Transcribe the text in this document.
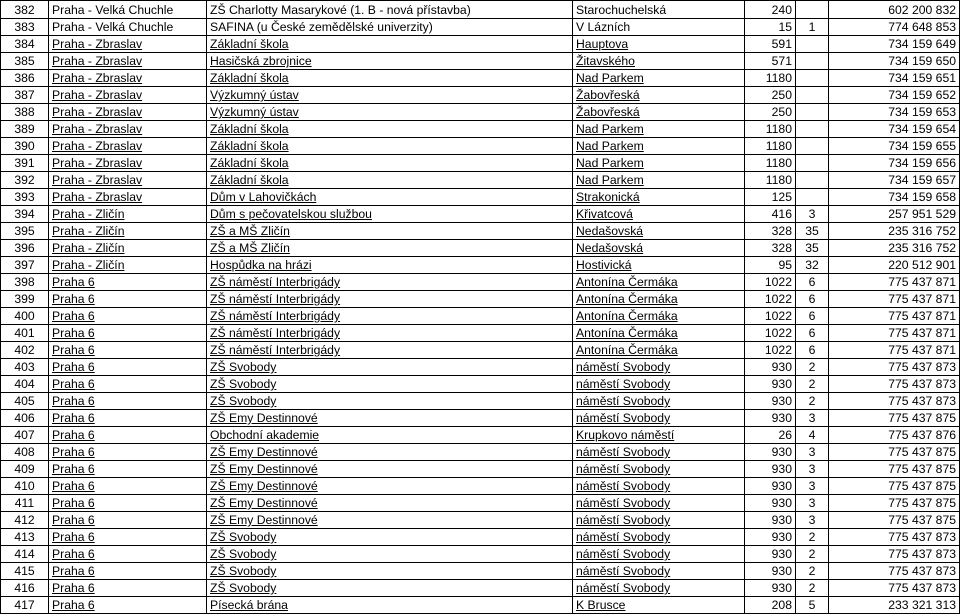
382	Praha - Velká Chuchle	ZŠ Charlotty Masarykové (1. B - nová přístavba)	Starochuchelská	240		602 200 832
383	Praha - Velká Chuchle	SAFINA (u České zemědělské univerzity)	V Lázních	15	1	774 648 853
384	Praha - Zbraslav	Základní škola	Hauptova	591		734 159 649
385	Praha - Zbraslav	Hasičská zbrojnice	Žitavského	571		734 159 650
386	Praha - Zbraslav	Základní škola	Nad Parkem	1180		734 159 651
387	Praha - Zbraslav	Výzkumný ústav	Žabovřeská	250		734 159 652
388	Praha - Zbraslav	Výzkumný ústav	Žabovřeská	250		734 159 653
389	Praha - Zbraslav	Základní škola	Nad Parkem	1180		734 159 654
390	Praha - Zbraslav	Základní škola	Nad Parkem	1180		734 159 655
391	Praha - Zbraslav	Základní škola	Nad Parkem	1180		734 159 656
392	Praha - Zbraslav	Základní škola	Nad Parkem	1180		734 159 657
393	Praha - Zbraslav	Dům v Lahovičkách	Strakonická	125		734 159 658
394	Praha - Zličín	Dům s pečovatelskou službou	Křivatcová	416	3	257 951 529
395	Praha - Zličín	ZŠ a MŠ Zličín	Nedašovská	328	35	235 316 752
396	Praha - Zličín	ZŠ a MŠ Zličín	Nedašovská	328	35	235 316 752
397	Praha - Zličín	Hospůdka na hrázi	Hostivická	95	32	220 512 901
398	Praha 6	ZŠ náměstí Interbrigády	Antonína Čermáka	1022	6	775 437 871
399	Praha 6	ZŠ náměstí Interbrigády	Antonína Čermáka	1022	6	775 437 871
400	Praha 6	ZŠ náměstí Interbrigády	Antonína Čermáka	1022	6	775 437 871
401	Praha 6	ZŠ náměstí Interbrigády	Antonína Čermáka	1022	6	775 437 871
402	Praha 6	ZŠ náměstí Interbrigády	Antonína Čermáka	1022	6	775 437 871
403	Praha 6	ZŠ Svobody	náměstí Svobody	930	2	775 437 873
404	Praha 6	ZŠ Svobody	náměstí Svobody	930	2	775 437 873
405	Praha 6	ZŠ Svobody	náměstí Svobody	930	2	775 437 873
406	Praha 6	ZŠ Emy Destinnové	náměstí Svobody	930	3	775 437 875
407	Praha 6	Obchodní akademie	Krupkovo náměstí	26	4	775 437 876
408	Praha 6	ZŠ Emy Destinnové	náměstí Svobody	930	3	775 437 875
409	Praha 6	ZŠ Emy Destinnové	náměstí Svobody	930	3	775 437 875
410	Praha 6	ZŠ Emy Destinnové	náměstí Svobody	930	3	775 437 875
411	Praha 6	ZŠ Emy Destinnové	náměstí Svobody	930	3	775 437 875
412	Praha 6	ZŠ Emy Destinnové	náměstí Svobody	930	3	775 437 875
413	Praha 6	ZŠ Svobody	náměstí Svobody	930	2	775 437 873
414	Praha 6	ZŠ Svobody	náměstí Svobody	930	2	775 437 873
415	Praha 6	ZŠ Svobody	náměstí Svobody	930	2	775 437 873
416	Praha 6	ZŠ Svobody	náměstí Svobody	930	2	775 437 873
417	Praha 6	Písecká brána	K Brusce	208	5	233 321 313
